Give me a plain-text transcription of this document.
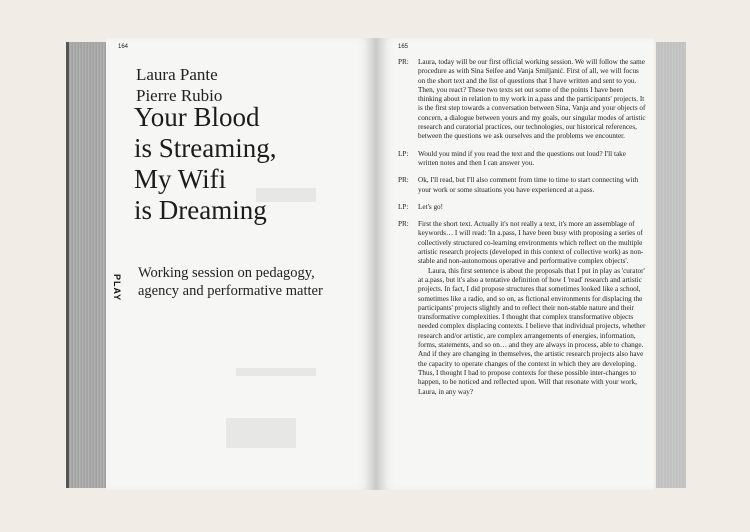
164
Laura Pante
Pierre Rubio
Your Blood
is Streaming,
My Wifi
is Dreaming
PLAY
Working session on pedagogy,
agency and performative matter
165
PR:	Laura, today will be our first official working session. We will follow the same procedure as with Sina Seifee and Vanja Smiljanić. First of all, we will focus on the short text and the list of questions that I have written and sent to you. Then, you react? These two texts set out some of the points I have been thinking about in relation to my work in a.pass and the participants' projects. It is the first step towards a conversation between Sina, Vanja and your objects of concern, a dialogue between yours and my goals, our singular modes of artistic research and curatorial practices, our technologies, our historical references, between the questions we ask ourselves and the problems we encounter.

LP:	Would you mind if you read the text and the questions out loud? I'll take written notes and then I can answer you.

PR:	Ok, I'll read, but I'll also comment from time to time to start connecting with your work or some situations you have experienced at a.pass.

LP:	Let's go!

PR:	First the short text. Actually it's not really a text, it's more an assemblage of keywords… I will read: 'In a.pass, I have been busy with proposing a series of collectively structured co-learning environments which reflect on the multiple artistic research projects (developed in this context of collective work) as non-stable and non-autonomous operative and performative complex objects'.

Laura, this first sentence is about the proposals that I put in play as 'curator' at a.pass, but it's also a tentative definition of how I 'read' research and artistic projects. In fact, I did propose structures that sometimes looked like a school, sometimes like a radio, and so on, as fictional environments for displacing the participants' projects slightly and to reflect their non-stable nature and their transformative complexities. I thought that complex transformative objects needed complex displacing contexts. I believe that individual projects, whether research and/or artistic, are complex arrangements of energies, information, forms, statements, and so on… and they are always in process, able to change. And if they are changing in themselves, the artistic research projects also have the capacity to operate changes of the context in which they are developing. Thus, I thought I had to propose contexts for these possible inter-changes to happen, to be noticed and reflected upon. Will that resonate with your work, Laura, in any way?
